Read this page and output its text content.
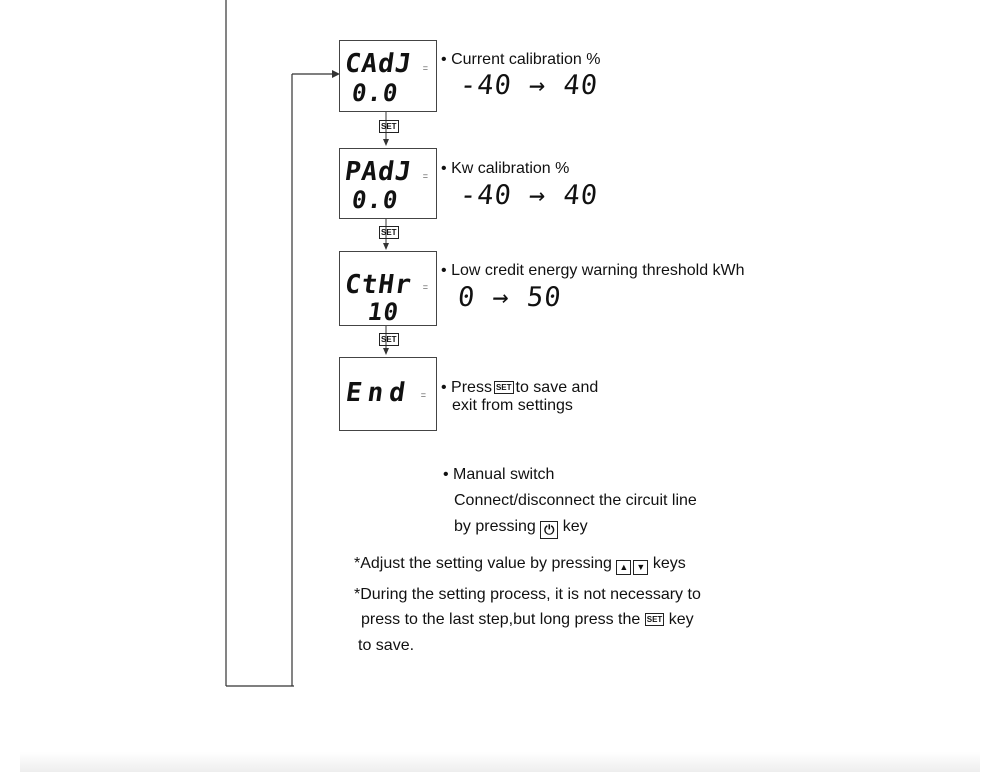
SET
SET
SET
CAdJ
0.0
= • Current calibration %
-40 → 40
PAdJ
0.0
= • Kw calibration %
-40 → 40
CtHr
10
=
• Low credit energy warning threshold kWh
0 → 50
End = • Press SET to save and
exit from settings
• Manual switch
Connect/disconnect the circuit line
by pressing ⏻ key
*Adjust the setting value by pressing ▲ ▼ keys
*During the setting process, it is not necessary to
press to the last step,but long press the SET key
to save.
